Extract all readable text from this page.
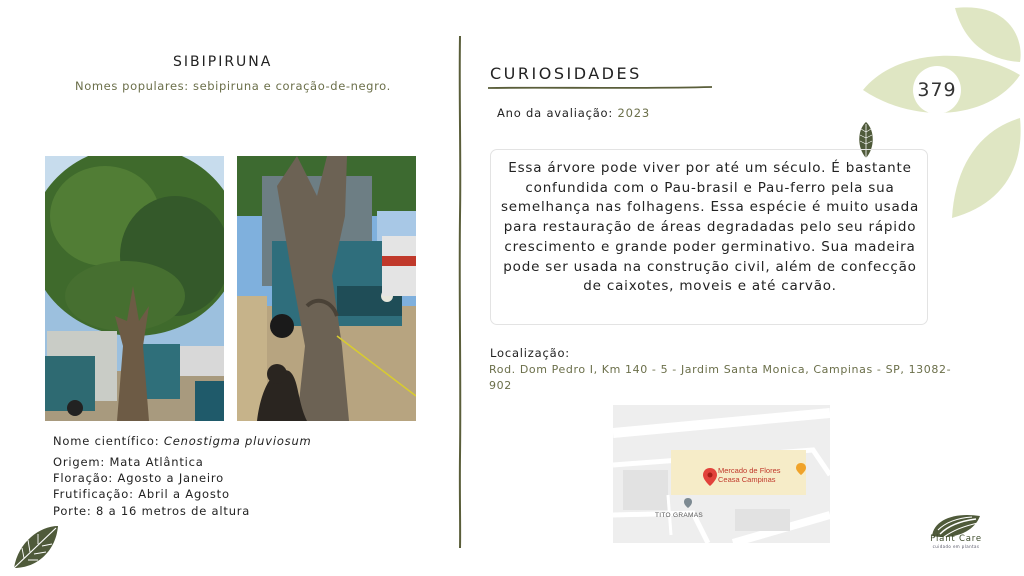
379
SIBIPIRUNA
Nomes populares: sebipiruna e coração-de-negro.
Nome científico: Cenostigma pluviosum
Origem: Mata Atlântica
Floração: Agosto a Janeiro
Frutificação: Abril a Agosto
Porte: 8 a 16 metros de altura
CURIOSIDADES
Ano da avaliação: 2023
Essa árvore pode viver por até um século. É bastante confundida com o Pau-brasil e Pau-ferro pela sua semelhança nas folhagens. Essa espécie é muito usada para restauração de áreas degradadas pelo seu rápido crescimento e grande poder germinativo. Sua madeira pode ser usada na construção civil, além de confecção de caixotes, moveis e até carvão.
Localização:
Rod. Dom Pedro I, Km 140 - 5 - Jardim Santa Monica, Campinas - SP, 13082-902
Mercado de Flores
Ceasa Campinas
TITO GRAMAS
Plant Care
cuidado em plantas
